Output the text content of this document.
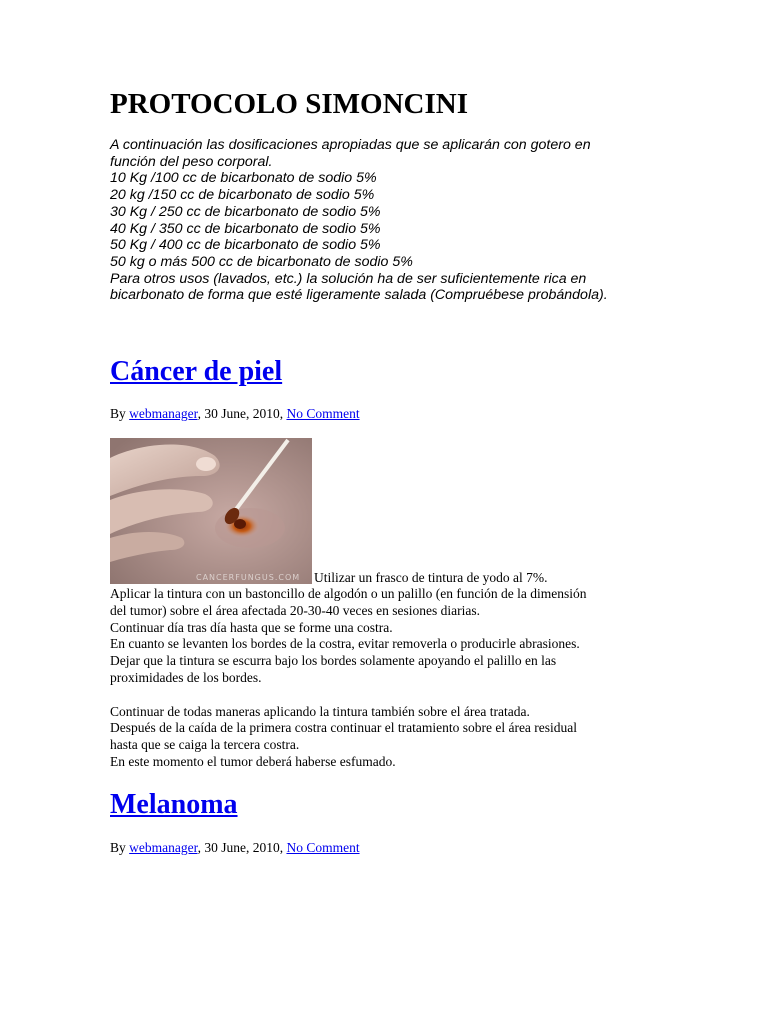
PROTOCOLO SIMONCINI
A continuación las dosificaciones apropiadas que se aplicarán con gotero en
función del peso corporal.
10 Kg /100 cc de bicarbonato de sodio 5%
20 kg /150 cc de bicarbonato de sodio 5%
30 Kg / 250 cc de bicarbonato de sodio 5%
40 Kg / 350 cc de bicarbonato de sodio 5%
50 Kg / 400 cc de bicarbonato de sodio 5%
50 kg o más 500 cc de bicarbonato de sodio 5%
Para otros usos (lavados, etc.) la solución ha de ser suficientemente rica en
bicarbonato de forma que esté ligeramente salada (Compruébese probándola).
Cáncer de piel
By webmanager, 30 June, 2010, No Comment
CANCERFUNGUS.COM Utilizar un frasco de tintura de yodo al 7%.
Aplicar la tintura con un bastoncillo de algodón o un palillo (en función de la dimensión
del tumor) sobre el área afectada 20-30-40 veces en sesiones diarias.
Continuar día tras día hasta que se forme una costra.
En cuanto se levanten los bordes de la costra, evitar removerla o producirle abrasiones.
Dejar que la tintura se escurra bajo los bordes solamente apoyando el palillo en las
proximidades de los bordes.

Continuar de todas maneras aplicando la tintura también sobre el área tratada.
Después de la caída de la primera costra continuar el tratamiento sobre el área residual
hasta que se caiga la tercera costra.
En este momento el tumor deberá haberse esfumado.
Melanoma
By webmanager, 30 June, 2010, No Comment
